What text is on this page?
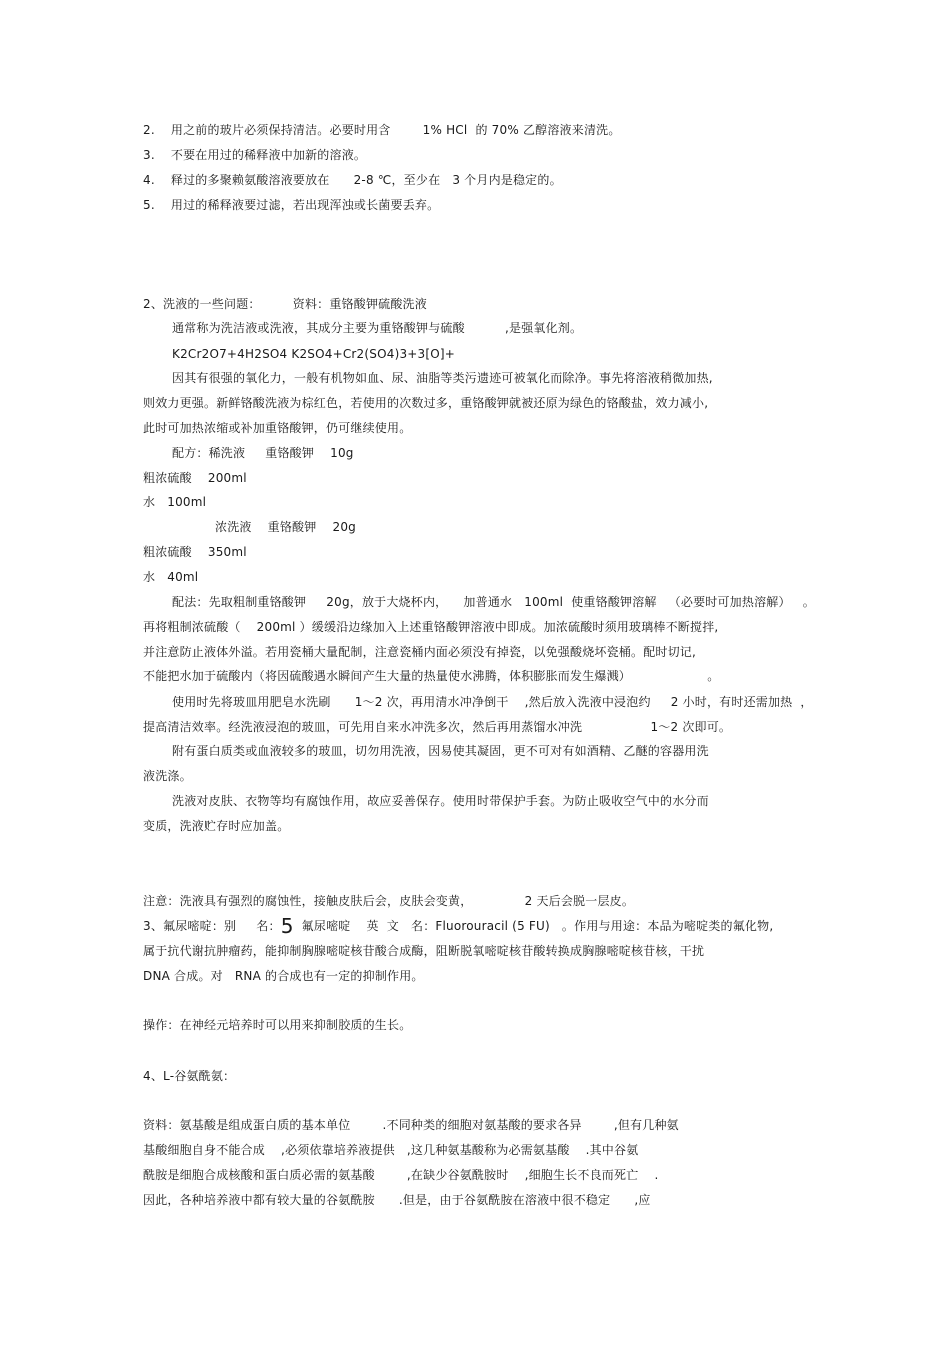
2.    用之前的玻片必须保持清洁。必要时用含        1% HCl  的 70% 乙醇溶液来清洗。
3.    不要在用过的稀释液中加新的溶液。
4.    释过的多聚赖氨酸溶液要放在      2-8 ℃，至少在   3 个月内是稳定的。
5.    用过的稀释液要过滤，若出现浑浊或长菌要丢弃。
2、洗液的一些问题：        资料：重铬酸钾硫酸洗液
通常称为洗洁液或洗液，其成分主要为重铬酸钾与硫酸          ,是强氧化剂。
K2Cr2O7+4H2SO4 K2SO4+Cr2(SO4)3+3[O]+
因其有很强的氧化力，一般有机物如血、尿、油脂等类污遗迹可被氧化而除净。事先将溶液稍微加热,
则效力更强。新鲜铬酸洗液为棕红色，若使用的次数过多，重铬酸钾就被还原为绿色的铬酸盐，效力减小,
此时可加热浓缩或补加重铬酸钾，仍可继续使用。
配方：稀洗液     重铬酸钾    10g
粗浓硫酸    200ml
水   100ml
浓洗液    重铬酸钾    20g
粗浓硫酸    350ml
水   40ml
配法：先取粗制重铬酸钾     20g，放于大烧杯内，    加普通水   100ml  使重铬酸钾溶解   （必要时可加热溶解）   。
再将粗制浓硫酸（    200ml ）缓缓沿边缘加入上述重铬酸钾溶液中即成。加浓硫酸时须用玻璃棒不断搅拌,
并注意防止液体外溢。若用瓷桶大量配制，注意瓷桶内面必须没有掉瓷，以免强酸烧坏瓷桶。配时切记,
不能把水加于硫酸内（将因硫酸遇水瞬间产生大量的热量使水沸腾，体积膨胀而发生爆溅）                   。
使用时先将玻皿用肥皂水洗刷      1～2 次，再用清水冲净倒干    ,然后放入洗液中浸泡约     2 小时，有时还需加热  ，
提高清洁效率。经洗液浸泡的玻皿，可先用自来水冲洗多次，然后再用蒸馏水冲洗                 1～2 次即可。
附有蛋白质类或血液较多的玻皿，切勿用洗液，因易使其凝固，更不可对有如酒精、乙醚的容器用洗
液洗涤。
洗液对皮肤、衣物等均有腐蚀作用，故应妥善保存。使用时带保护手套。为防止吸收空气中的水分而
变质，洗液贮存时应加盖。
注意：洗液具有强烈的腐蚀性，接触皮肤后会，皮肤会变黄，             2 天后会脱一层皮。
3、氟尿嘧啶：别     名：5  氟尿嘧啶    英  文   名：Fluorouracil (5 FU)   。作用与用途：本品为嘧啶类的氟化物,
属于抗代谢抗肿瘤药，能抑制胸腺嘧啶核苷酸合成酶，阻断脱氧嘧啶核苷酸转换成胸腺嘧啶核苷核，干扰
DNA 合成。对   RNA 的合成也有一定的抑制作用。
操作：在神经元培养时可以用来抑制胶质的生长。
4、L-谷氨酰氨：
资料：氨基酸是组成蛋白质的基本单位        .不同种类的细胞对氨基酸的要求各异        ,但有几种氨
基酸细胞自身不能合成    ,必须依靠培养液提供   ,这几种氨基酸称为必需氨基酸    .其中谷氨
酰胺是细胞合成核酸和蛋白质必需的氨基酸        ,在缺少谷氨酰胺时    ,细胞生长不良而死亡    .
因此，各种培养液中都有较大量的谷氨酰胺      .但是，由于谷氨酰胺在溶液中很不稳定      ,应
